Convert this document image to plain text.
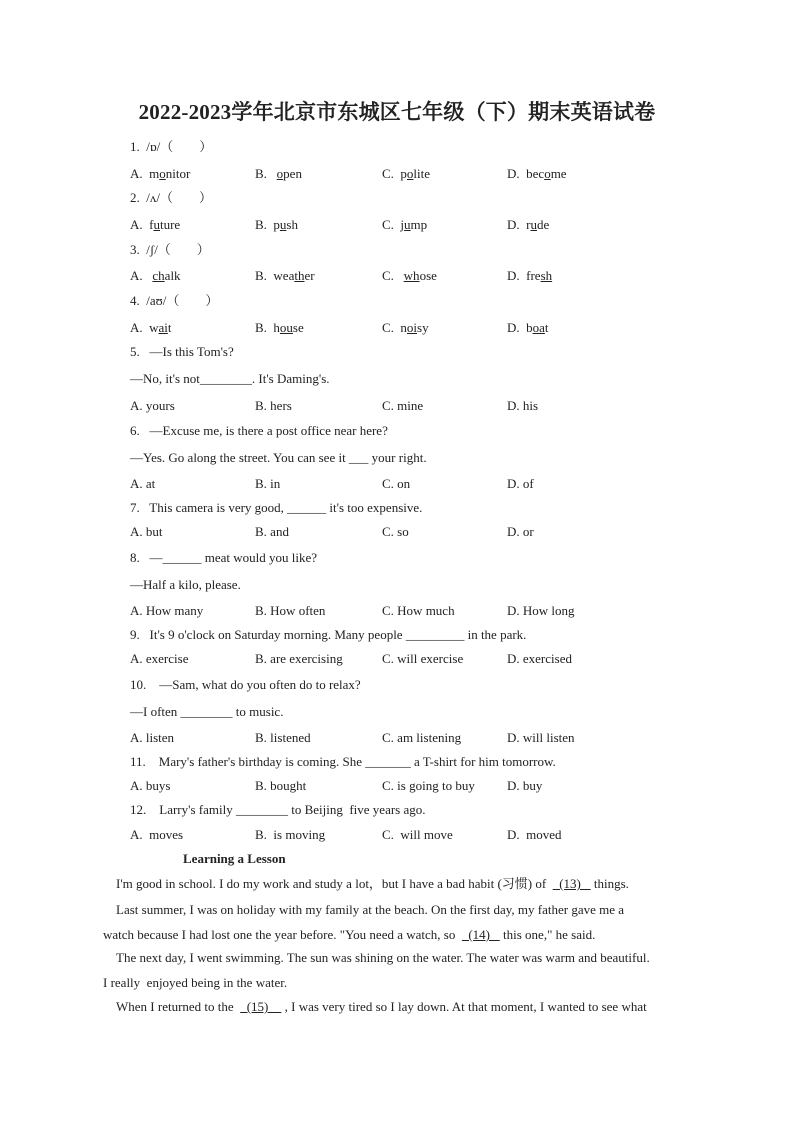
2022-2023学年北京市东城区七年级（下）期末英语试卷
Learning a Lesson
I'm good in school. I do my work and study a lot，but I have a bad habit (习惯) of    (13)    things.
Last summer, I was on holiday with my family at the beach. On the first day, my father gave me a
watch because I had lost one the year before. "You need a watch, so    (14)    this one," he said.
The next day, I went swimming. The sun was shining on the water. The water was warm and beautiful.
I really  enjoyed being in the water.
When I returned to the    (15)     , I was very tired so I lay down. At that moment, I wanted to see what
1.  /ɒ/（        ）
A.  monitor	B.   open	C.  polite	D.  become
2.  /ʌ/（        ）
A.  future	B.  push	C.  jump	D.  rude
3.  /ʃ/（        ）
A.   chalk	B.  weather	C.   whose	D.  fresh
4.  /aʊ/（        ）
A.  wait	B.  house	C.  noisy	D.  boat
5.   —Is this Tom's?
—No, it's not________. It's Daming's.
A. yours	B. hers	C. mine	D. his
6.   —Excuse me, is there a post office near here?
—Yes. Go along the street. You can see it ___ your right.
A. at	B. in	C. on	D. of
7.   This camera is very good, ______ it's too expensive.
A. but	B. and	C. so	D. or
8.   —______ meat would you like?
—Half a kilo, please.
A. How many	B. How often	C. How much	D. How long
9.   It's 9 o'clock on Saturday morning. Many people _________ in the park.
A. exercise	B. are exercising	C. will exercise	D. exercised
10.    —Sam, what do you often do to relax?
—I often ________ to music.
A. listen	B. listened	C. am listening	D. will listen
11.    Mary's father's birthday is coming. She _______ a T-shirt for him tomorrow.
A. buys	B. bought	C. is going to buy D. buy
12.    Larry's family ________ to Beijing  five years ago.
A.  moves	B.  is moving	C.  will move	D.  moved
